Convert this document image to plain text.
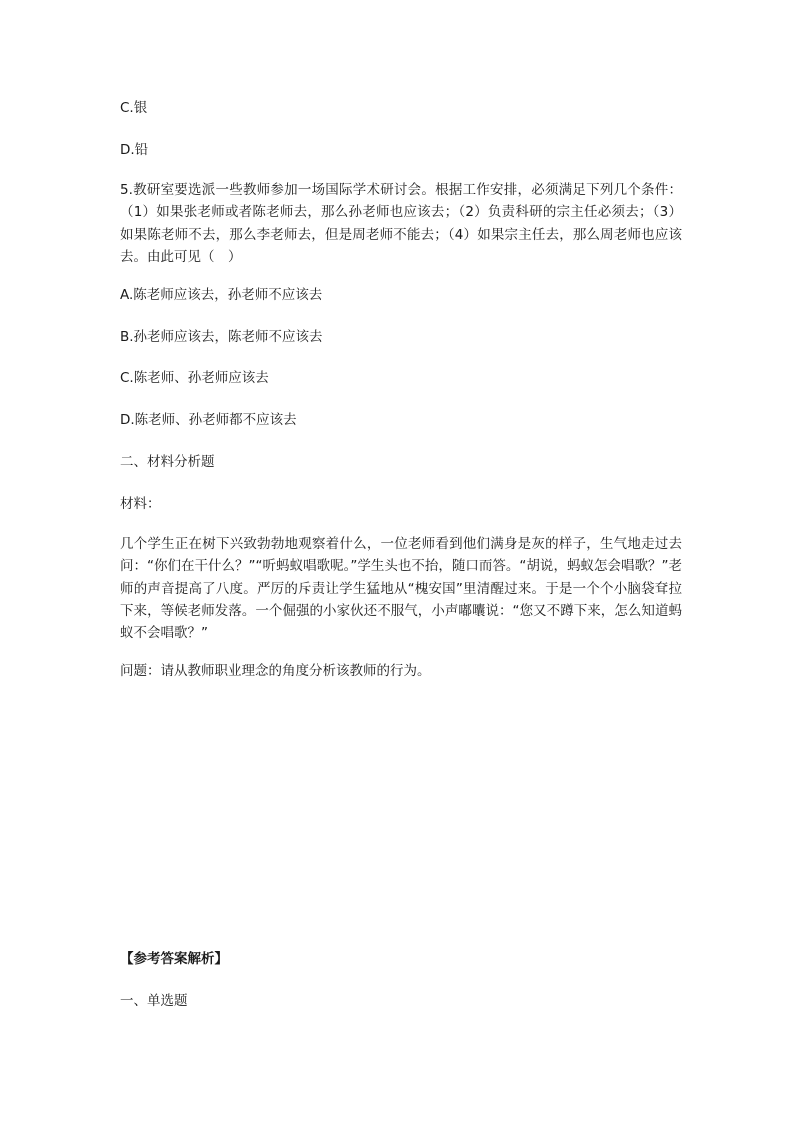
C.银

D.铅

5.教研室要选派一些教师参加一场国际学术研讨会。根据工作安排，必须满足下列几个条件：（1）如果张老师或者陈老师去，那么孙老师也应该去；（2）负责科研的宗主任必须去；（3）如果陈老师不去，那么李老师去，但是周老师不能去；（4）如果宗主任去，那么周老师也应该去。由此可见（　）

A.陈老师应该去，孙老师不应该去

B.孙老师应该去，陈老师不应该去

C.陈老师、孙老师应该去

D.陈老师、孙老师都不应该去

二、材料分析题

材料：

几个学生正在树下兴致勃勃地观察着什么，一位老师看到他们满身是灰的样子，生气地走过去问：“你们在干什么？”“听蚂蚁唱歌呢。”学生头也不抬，随口而答。“胡说，蚂蚁怎会唱歌？”老师的声音提高了八度。严厉的斥责让学生猛地从“槐安国”里清醒过来。于是一个个小脑袋耷拉下来，等候老师发落。一个倔强的小家伙还不服气，小声嘟囔说：“您又不蹲下来，怎么知道蚂蚁不会唱歌？”

问题：请从教师职业理念的角度分析该教师的行为。

【参考答案解析】

一、单选题
